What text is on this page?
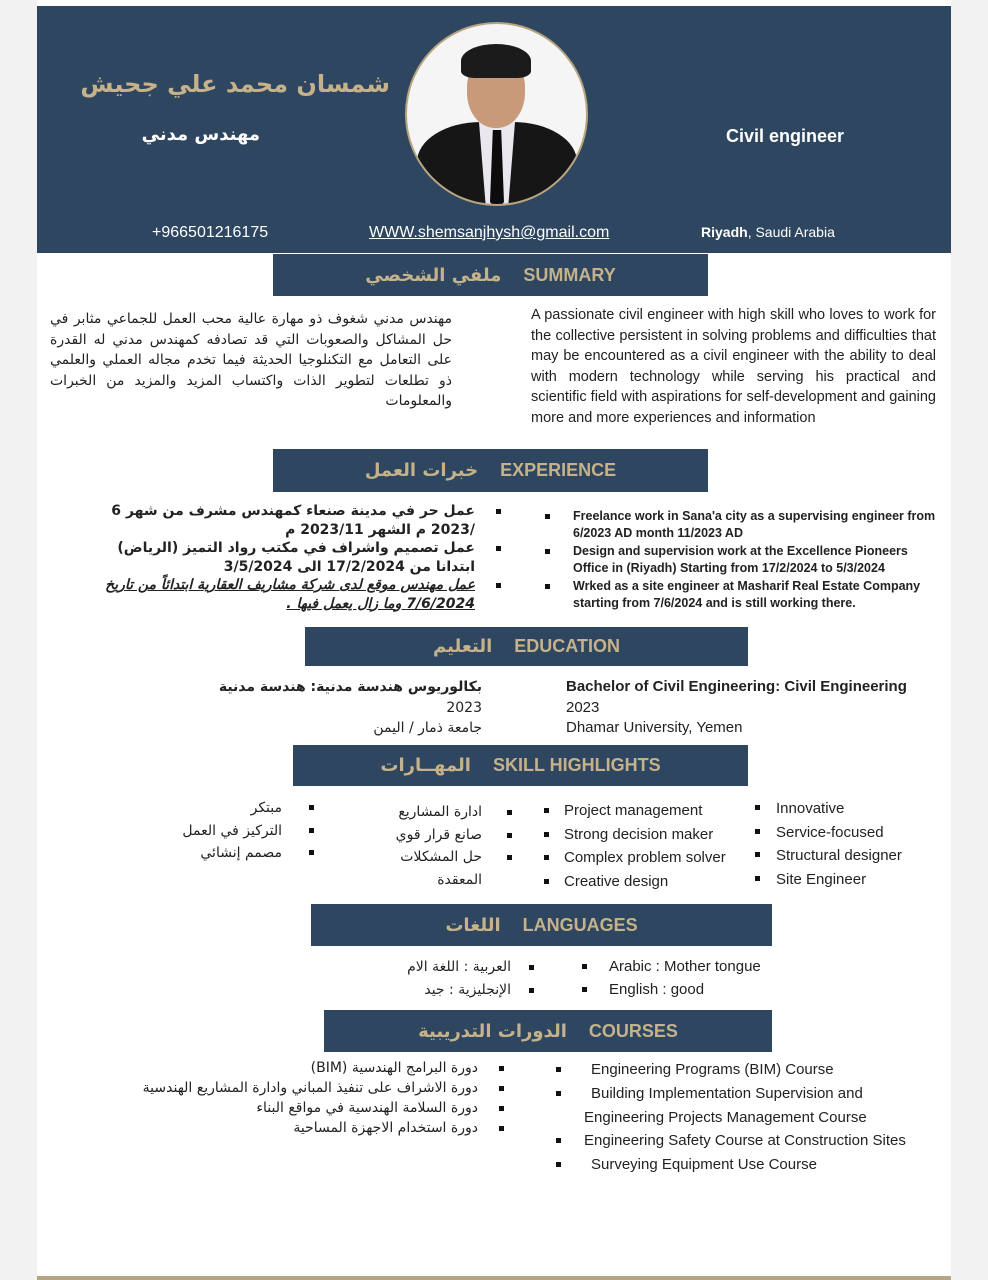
شمسان محمد علي جحيش
مهندس مدني	Civil engineer
+966501216175	WWW.shemsanjhysh@gmail.com	Riyadh, Saudi Arabia
ملفي الشخصي SUMMARY
مهندس مدني شغوف ذو مهارة عالية محب العمل للجماعي مثابر في حل المشاكل والصعوبات التي قد تصادفه كمهندس مدني له القدرة على التعامل مع التكنلوجيا الحديثة فيما تخدم مجاله العملي والعلمي ذو تطلعات لتطوير الذات واكتساب المزيد والمزيد من الخبرات والمعلومات
A passionate civil engineer with high skill who loves to work for the collective persistent in solving problems and difficulties that may be encountered as a civil engineer with the ability to deal with modern technology while serving his practical and scientific field with aspirations for self-development and gaining more and more experiences and information
خبرات العمل EXPERIENCE
Freelance work in Sana'a city as a supervising engineer from 6/2023 AD month 11/2023 AD
Design and supervision work at the Excellence Pioneers Office in (Riyadh) Starting from 17/2/2024 to 5/3/2024
Wrked as a site engineer at Masharif Real Estate Company starting from 7/6/2024 and is still working there.
عمل حر في مدينة صنعاء كمهندس مشرف من شهر 6 /2023 م الشهر 2023/11 م
عمل تصميم واشراف في مكتب رواد التميز (الرياض) ابتدانا من 17/2/2024 الى 3/5/2024
عمل مهندس موقع لدى شركة مشاريف العقارية ابتدائاً من تاريخ 7/6/2024 وما زال يعمل فيها .
التعليم EDUCATION
Bachelor of Civil Engineering: Civil Engineering
2023
Dhamar University, Yemen
بكالوريوس هندسة مدنية: هندسة مدنية
2023
جامعة ذمار / اليمن
المهــارات SKILL HIGHLIGHTS
Project management
Strong decision maker
Complex problem solver
Creative design
Innovative
Service-focused
Structural designer
Site Engineer
ادارة المشاريع
صانع قرار قوي
حل المشكلات المعقدة
مبتكر
التركيز في العمل
مصمم إنشائي
اللغات LANGUAGES
Arabic : Mother tongue
English : good
العربية : اللغة الام
الإنجليزية : جيد
الدورات التدريبية COURSES
Engineering Programs (BIM) Course
Building Implementation Supervision and
Engineering Projects Management Course
Engineering Safety Course at Construction Sites
Surveying Equipment Use Course
دورة البرامج الهندسية (BIM)
دورة الاشراف على تنفيذ المباني وادارة المشاريع الهندسية
دورة السلامة الهندسية في مواقع البناء
دورة استخدام الاجهزة المساحية
